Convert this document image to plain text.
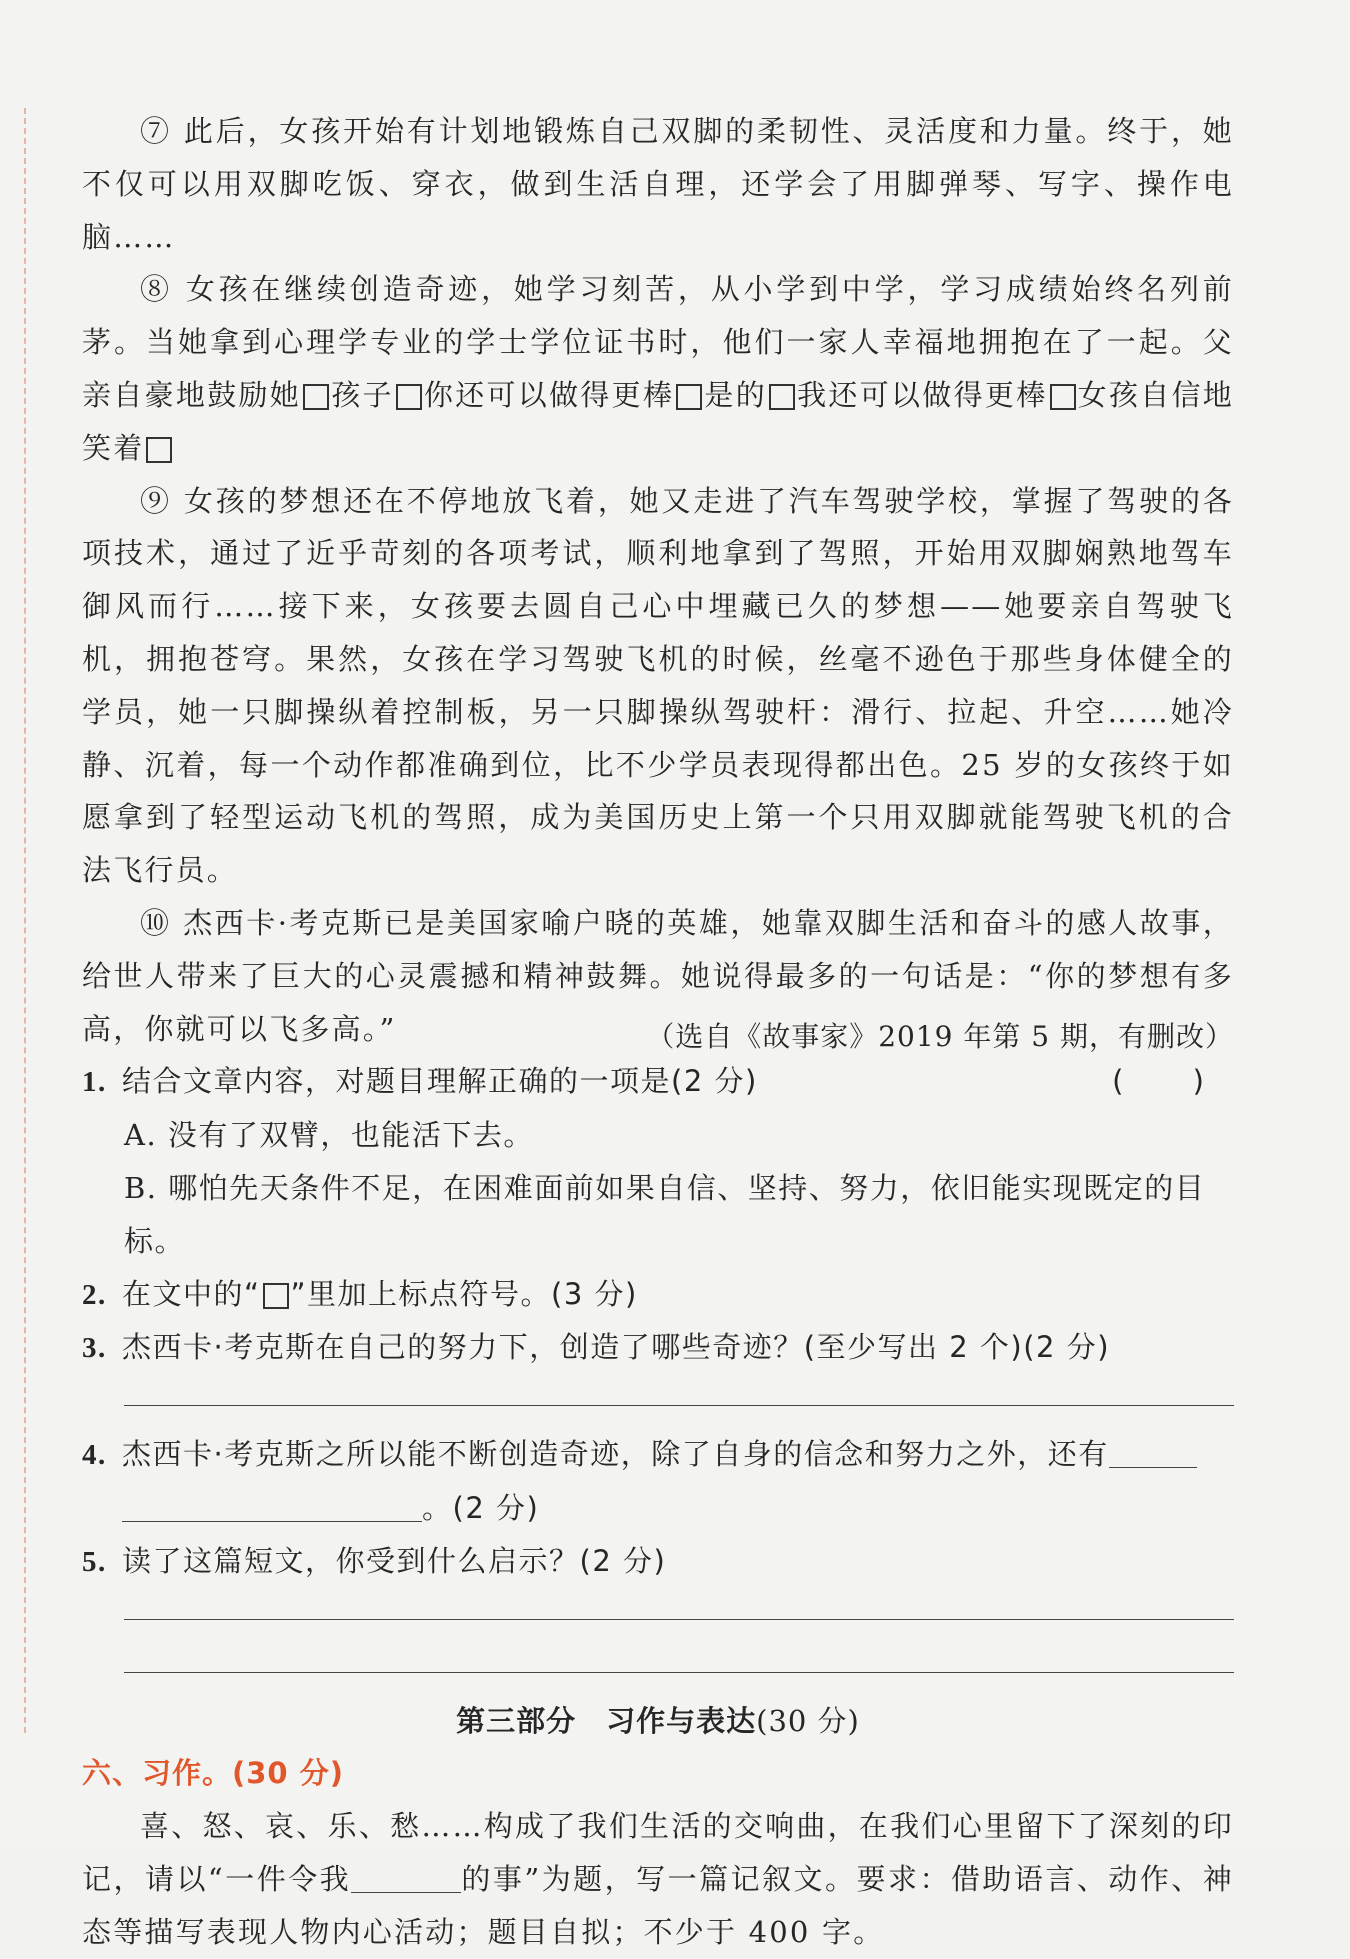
⑦ 此后，女孩开始有计划地锻炼自己双脚的柔韧性、灵活度和力量。终于，她不仅可以用双脚吃饭、穿衣，做到生活自理，还学会了用脚弹琴、写字、操作电脑……

⑧ 女孩在继续创造奇迹，她学习刻苦，从小学到中学，学习成绩始终名列前茅。当她拿到心理学专业的学士学位证书时，他们一家人幸福地拥抱在了一起。父亲自豪地鼓励她 孩子 你还可以做得更棒 是的 我还可以做得更棒 女孩自信地笑着

⑨ 女孩的梦想还在不停地放飞着，她又走进了汽车驾驶学校，掌握了驾驶的各项技术，通过了近乎苛刻的各项考试，顺利地拿到了驾照，开始用双脚娴熟地驾车御风而行……接下来，女孩要去圆自己心中埋藏已久的梦想——她要亲自驾驶飞机，拥抱苍穹。果然，女孩在学习驾驶飞机的时候，丝毫不逊色于那些身体健全的学员，她一只脚操纵着控制板，另一只脚操纵驾驶杆：滑行、拉起、升空……她冷静、沉着，每一个动作都准确到位，比不少学员表现得都出色。25 岁的女孩终于如愿拿到了轻型运动飞机的驾照，成为美国历史上第一个只用双脚就能驾驶飞机的合法飞行员。

⑩ 杰西卡·考克斯已是美国家喻户晓的英雄，她靠双脚生活和奋斗的感人故事，给世人带来了巨大的心灵震撼和精神鼓舞。她说得最多的一句话是：“你的梦想有多高，你就可以飞多高。”	（选自《故事家》2019 年第 5 期，有删改）
1. 结合文章内容，对题目理解正确的一项是(2 分)	( )
A. 没有了双臂，也能活下去。
B. 哪怕先天条件不足，在困难面前如果自信、坚持、努力，依旧能实现既定的目标。
2. 在文中的“ ”里加上标点符号。(3 分)
3. 杰西卡·考克斯在自己的努力下，创造了哪些奇迹？(至少写出 2 个)(2 分)
4. 杰西卡·考克斯之所以能不断创造奇迹，除了自身的信念和努力之外，还有
。(2 分)
5. 读了这篇短文，你受到什么启示？(2 分)
第三部分　习作与表达(30 分)
六、习作。(30 分)

喜、怒、哀、乐、愁……构成了我们生活的交响曲，在我们心里留下了深刻的印记，请以“一件令我	的事”为题，写一篇记叙文。要求：借助语言、动作、神态等描写表现人物内心活动；题目自拟；不少于 400 字。
